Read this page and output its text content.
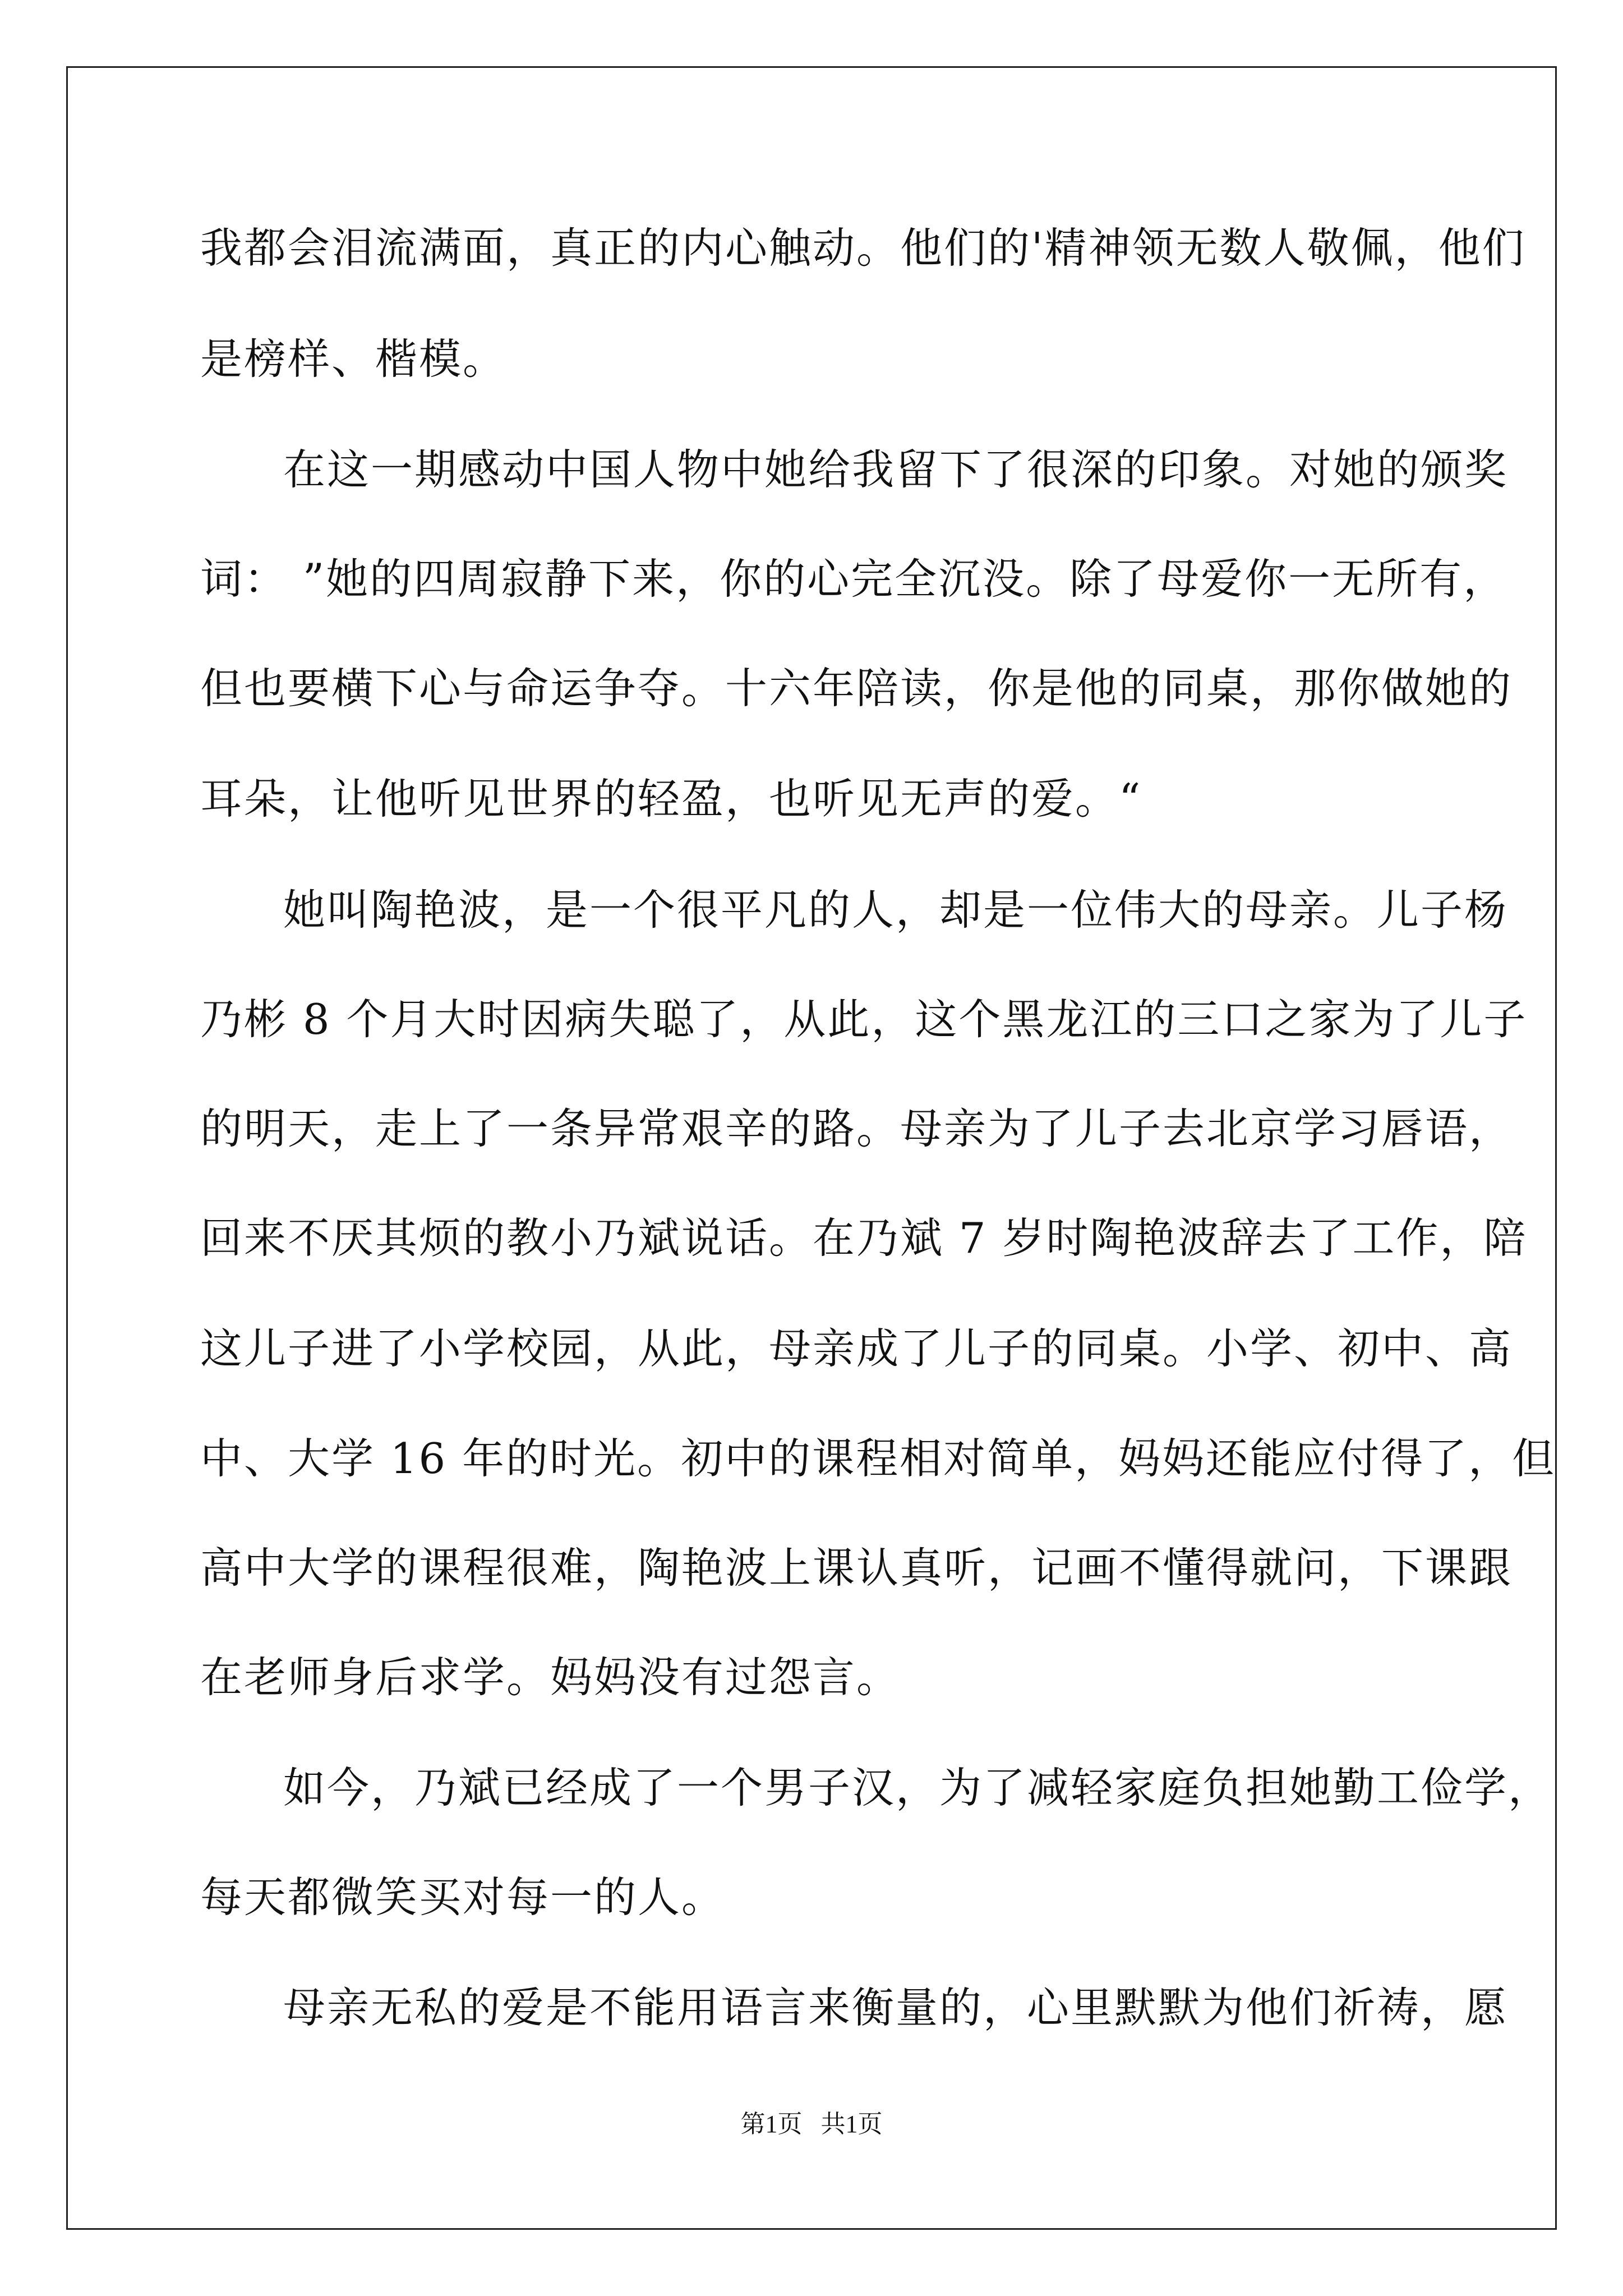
我都会泪流满面，真正的内心触动。他们的'精神领无数人敬佩，他们
是榜样、楷模。
在这一期感动中国人物中她给我留下了很深的印象。对她的颁奖
词： ”她的四周寂静下来，你的心完全沉没。除了母爱你一无所有，
但也要横下心与命运争夺。十六年陪读，你是他的同桌，那你做她的
耳朵，让他听见世界的轻盈，也听见无声的爱。“
她叫陶艳波，是一个很平凡的人，却是一位伟大的母亲。儿子杨
乃彬 8 个月大时因病失聪了，从此，这个黑龙江的三口之家为了儿子
的明天，走上了一条异常艰辛的路。母亲为了儿子去北京学习唇语，
回来不厌其烦的教小乃斌说话。在乃斌 7 岁时陶艳波辞去了工作，陪
这儿子进了小学校园，从此，母亲成了儿子的同桌。小学、初中、高
中、大学 16 年的时光。初中的课程相对简单，妈妈还能应付得了，但
高中大学的课程很难，陶艳波上课认真听，记画不懂得就问，下课跟
在老师身后求学。妈妈没有过怨言。
如今，乃斌已经成了一个男子汉，为了减轻家庭负担她勤工俭学，
每天都微笑买对每一的人。
母亲无私的爱是不能用语言来衡量的，心里默默为他们祈祷，愿
第1页   共1页
